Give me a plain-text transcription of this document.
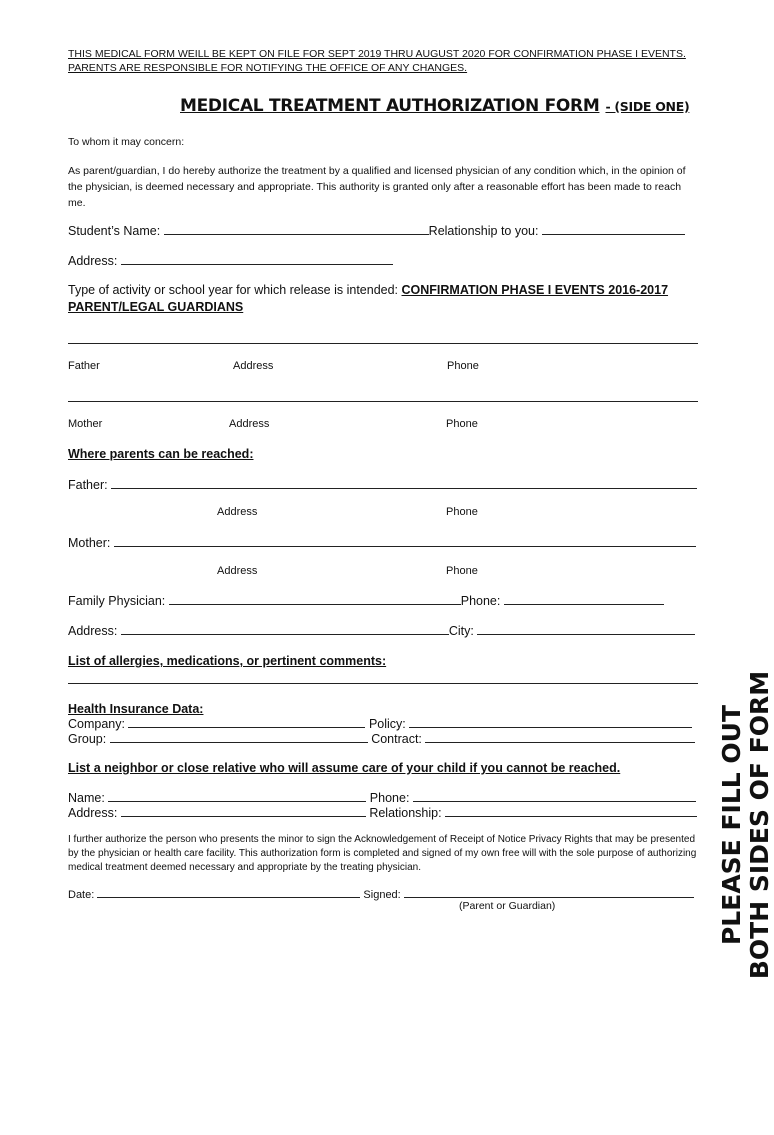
THIS MEDICAL FORM WEILL BE KEPT ON FILE FOR SEPT 2019 THRU AUGUST 2020 FOR CONFIRMATION PHASE I EVENTS. PARENTS ARE RESPONSIBLE FOR NOTIFYING THE OFFICE OF ANY CHANGES.
MEDICAL TREATMENT AUTHORIZATION FORM - (SIDE ONE)
To whom it may concern:
As parent/guardian, I do hereby authorize the treatment by a qualified and licensed physician of any condition which, in the opinion of the physician, is deemed necessary and appropriate. This authority is granted only after a reasonable effort has been made to reach me.
Student’s Name:	Relationship to you:
Address:
Type of activity or school year for which release is intended: CONFIRMATION PHASE I EVENTS 2016-2017
PARENT/LEGAL GUARDIANS
Father	Address	Phone
Mother	Address	Phone
Where parents can be reached:
Father:
Address	Phone
Mother:
Address	Phone
Family Physician:	Phone:
Address:	City:
List of allergies, medications, or pertinent comments:
Health Insurance Data:
Company:	Policy:
Group:	Contract:
List a neighbor or close relative who will assume care of your child if you cannot be reached.
Name:	Phone:
Address:	Relationship:
I further authorize the person who presents the minor to sign the Acknowledgement of Receipt of Notice Privacy Rights that may be presented by the physician or health care facility. This authorization form is completed and signed of my own free will with the sole purpose of authorizing medical treatment deemed necessary and appropriate by the treating physician.
Date:	Signed:
(Parent or Guardian)	PLEASE FILL OUT BOTH SIDES OF FORM
